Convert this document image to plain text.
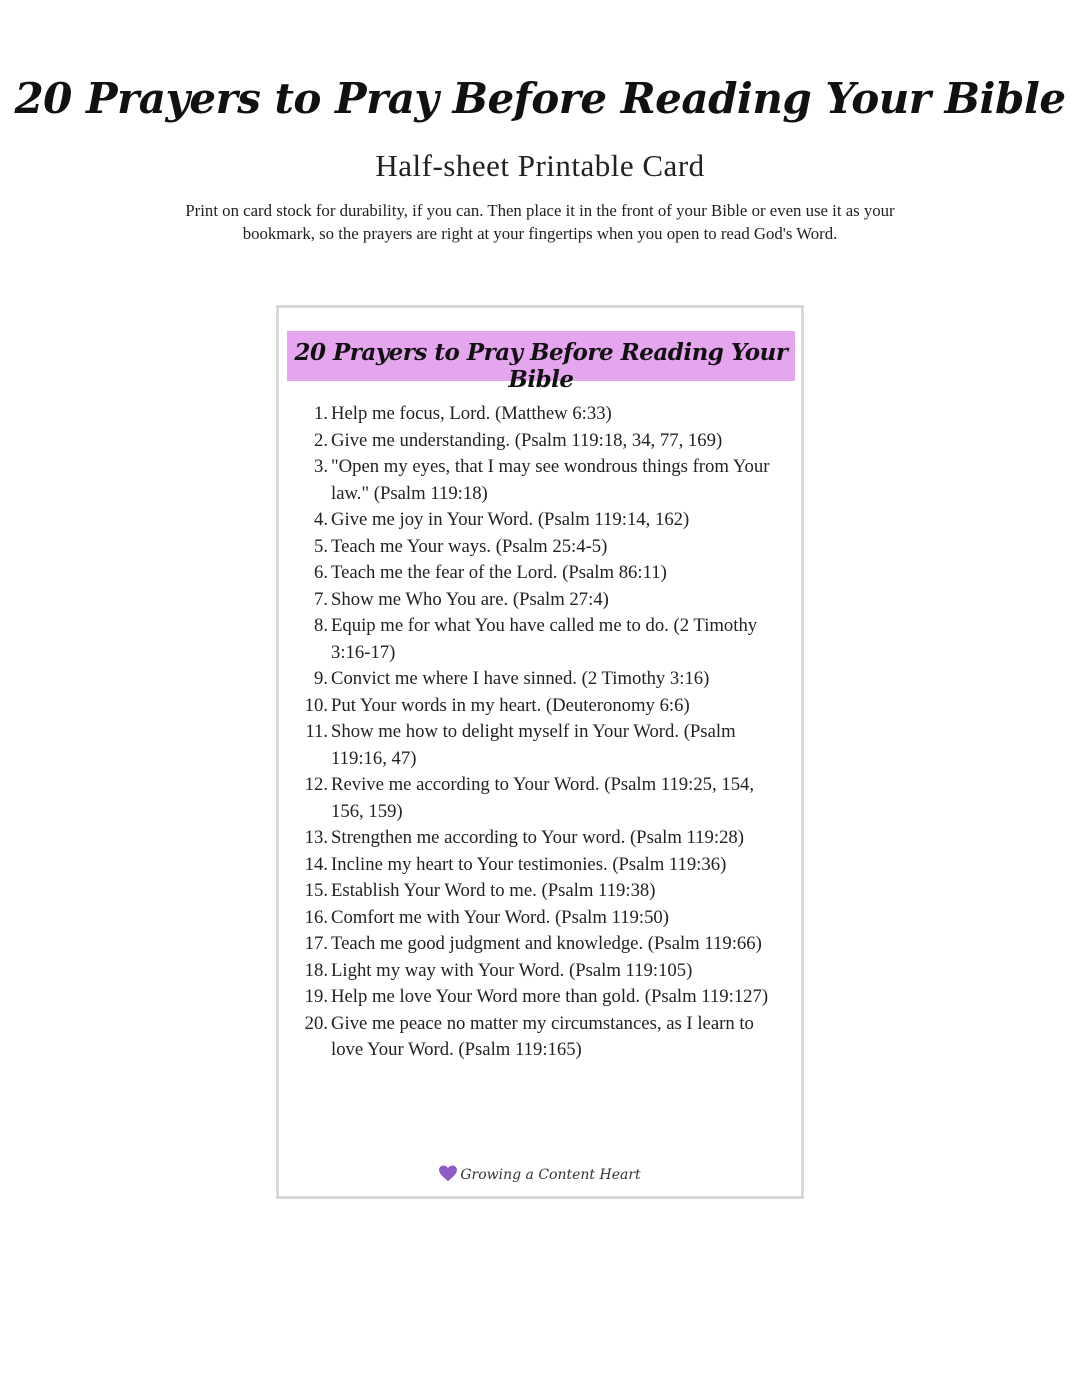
20 Prayers to Pray Before Reading Your Bible
Half-sheet Printable Card
Print on card stock for durability, if you can. Then place it in the front of your Bible or even use it as your bookmark, so the prayers are right at your fingertips when you open to read God's Word.
20 Prayers to Pray Before Reading Your Bible
1. Help me focus, Lord. (Matthew 6:33)
2. Give me understanding. (Psalm 119:18, 34, 77, 169)
3. "Open my eyes, that I may see wondrous things from Your law." (Psalm 119:18)
4. Give me joy in Your Word. (Psalm 119:14, 162)
5. Teach me Your ways. (Psalm 25:4-5)
6. Teach me the fear of the Lord. (Psalm 86:11)
7. Show me Who You are. (Psalm 27:4)
8. Equip me for what You have called me to do. (2 Timothy 3:16-17)
9. Convict me where I have sinned. (2 Timothy 3:16)
10. Put Your words in my heart. (Deuteronomy 6:6)
11. Show me how to delight myself in Your Word. (Psalm 119:16, 47)
12. Revive me according to Your Word. (Psalm 119:25, 154, 156, 159)
13. Strengthen me according to Your word. (Psalm 119:28)
14. Incline my heart to Your testimonies. (Psalm 119:36)
15. Establish Your Word to me. (Psalm 119:38)
16. Comfort me with Your Word. (Psalm 119:50)
17. Teach me good judgment and knowledge. (Psalm 119:66)
18. Light my way with Your Word. (Psalm 119:105)
19. Help me love Your Word more than gold. (Psalm 119:127)
20. Give me peace no matter my circumstances, as I learn to love Your Word. (Psalm 119:165)
Growing a Content Heart
